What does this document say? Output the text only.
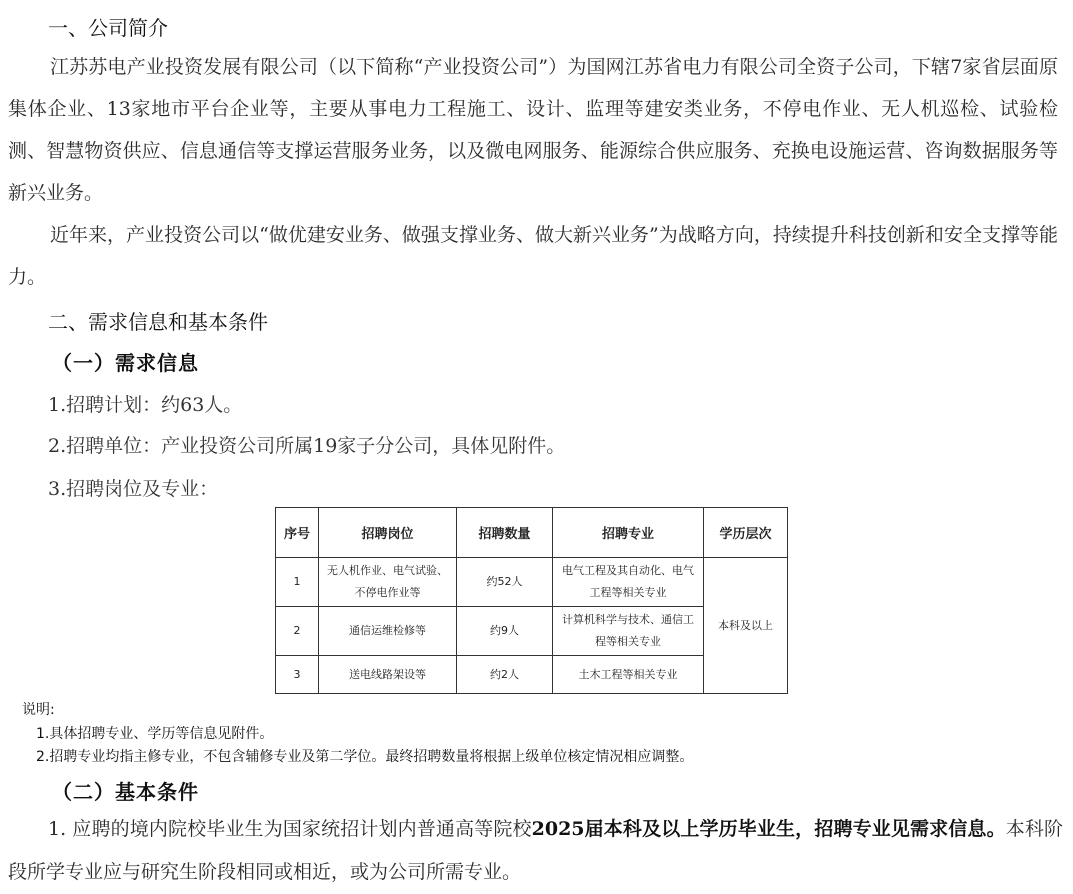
一、公司简介
江苏苏电产业投资发展有限公司（以下简称“产业投资公司”）为国网江苏省电力有限公司全资子公司，下辖7家省层面原集体企业、13家地市平台企业等，主要从事电力工程施工、设计、监理等建安类业务，不停电作业、无人机巡检、试验检测、智慧物资供应、信息通信等支撑运营服务业务，以及微电网服务、能源综合供应服务、充换电设施运营、咨询数据服务等新兴业务。
近年来，产业投资公司以“做优建安业务、做强支撑业务、做大新兴业务”为战略方向，持续提升科技创新和安全支撑等能力。
二、需求信息和基本条件
（一）需求信息
1.招聘计划：约63人。
2.招聘单位：产业投资公司所属19家子分公司，具体见附件。
3.招聘岗位及专业：
序号	招聘岗位	招聘数量	招聘专业	学历层次
1	无人机作业、电气试验、不停电作业等	约52人	电气工程及其自动化、电气工程等相关专业	本科及以上
2	通信运维检修等	约9人	计算机科学与技术、通信工程等相关专业	
3	送电线路架设等	约2人	土木工程等相关专业	
说明:
1.具体招聘专业、学历等信息见附件。
2.招聘专业均指主修专业，不包含辅修专业及第二学位。最终招聘数量将根据上级单位核定情况相应调整。
（二）基本条件
1. 应聘的境内院校毕业生为国家统招计划内普通高等院校2025届本科及以上学历毕业生，招聘专业见需求信息。本科阶段所学专业应与研究生阶段相同或相近，或为公司所需专业。
